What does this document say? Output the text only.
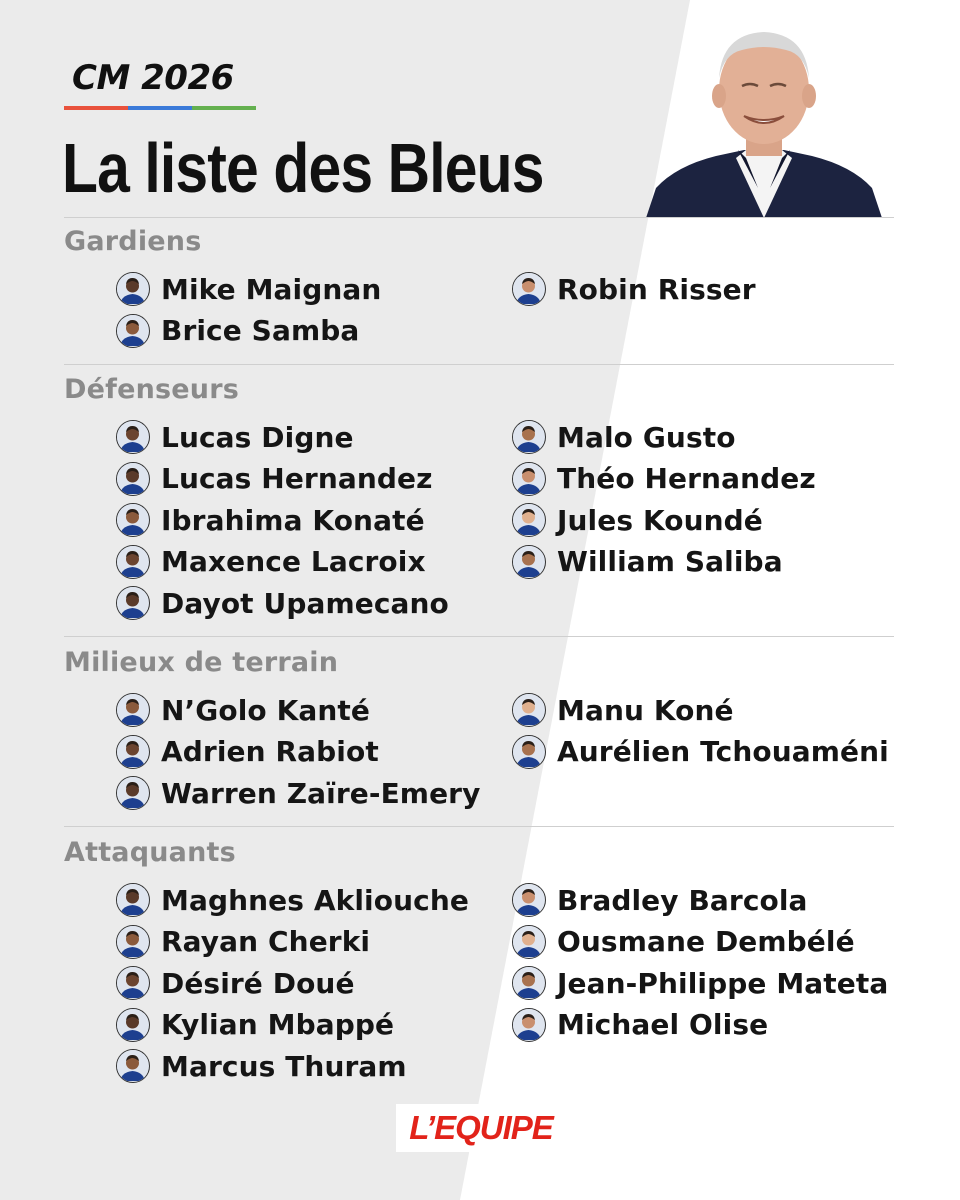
CM 2026
La liste des Bleus
Gardiens
Mike Maignan	Robin Risser
Brice Samba
Défenseurs
Lucas Digne	Malo Gusto
Lucas Hernandez	Théo Hernandez
Ibrahima Konaté	Jules Koundé
Maxence Lacroix	William Saliba
Dayot Upamecano
Milieux de terrain
N’Golo Kanté	Manu Koné
Adrien Rabiot	Aurélien Tchouaméni
Warren Zaïre-Emery
Attaquants
Maghnes Akliouche	Bradley Barcola
Rayan Cherki	Ousmane Dembélé
Désiré Doué	Jean-Philippe Mateta
Kylian Mbappé	Michael Olise
Marcus Thuram
L’EQUIPE
